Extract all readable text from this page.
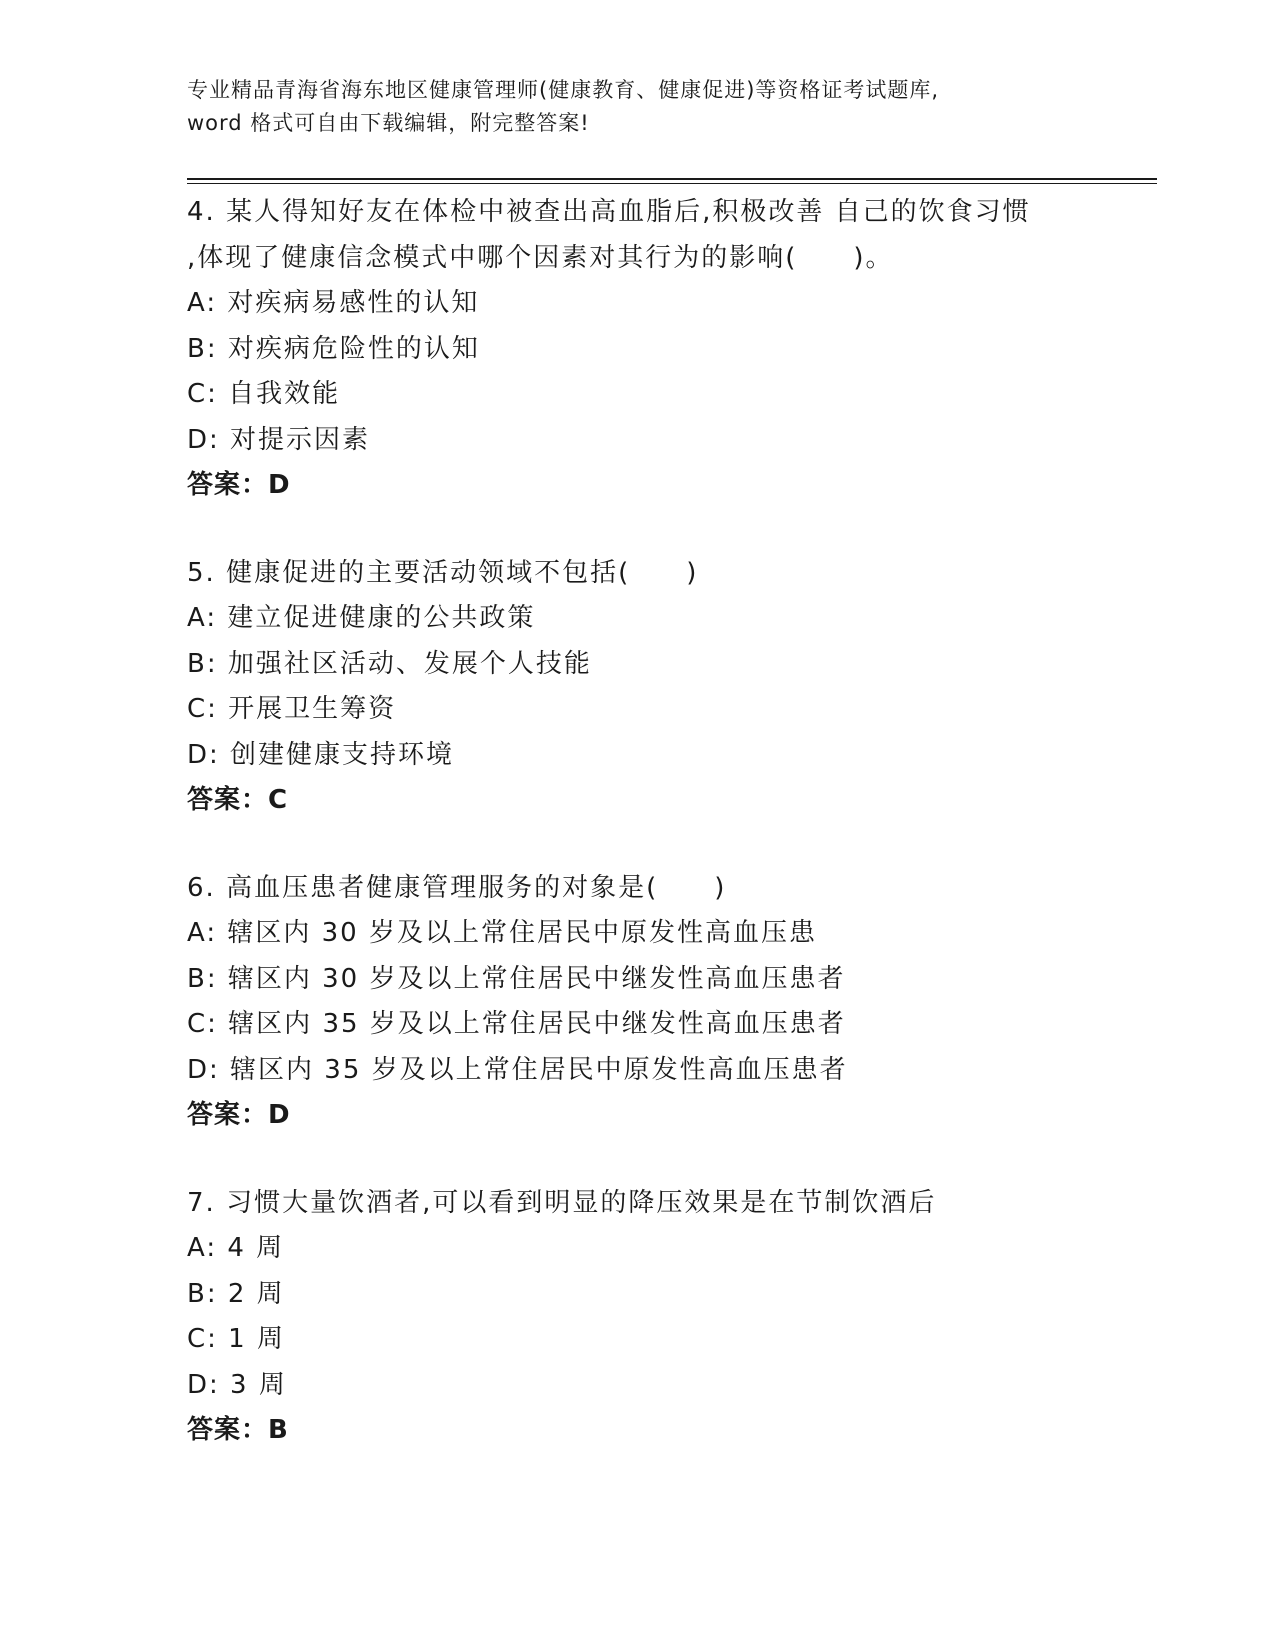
专业精品青海省海东地区健康管理师(健康教育、健康促进)等资格证考试题库,
word 格式可自由下载编辑，附完整答案!
4. 某人得知好友在体检中被查出高血脂后,积极改善 自己的饮食习惯
,体现了健康信念模式中哪个因素对其行为的影响(　　)。
A: 对疾病易感性的认知
B: 对疾病危险性的认知
C: 自我效能
D: 对提示因素
答案：D
5. 健康促进的主要活动领域不包括(　　)
A: 建立促进健康的公共政策
B: 加强社区活动、发展个人技能
C: 开展卫生筹资
D: 创建健康支持环境
答案：C
6. 高血压患者健康管理服务的对象是(　　)
A: 辖区内 30 岁及以上常住居民中原发性高血压患
B: 辖区内 30 岁及以上常住居民中继发性高血压患者
C: 辖区内 35 岁及以上常住居民中继发性高血压患者
D: 辖区内 35 岁及以上常住居民中原发性高血压患者
答案：D
7. 习惯大量饮酒者,可以看到明显的降压效果是在节制饮酒后
A: 4 周
B: 2 周
C: 1 周
D: 3 周
答案：B
